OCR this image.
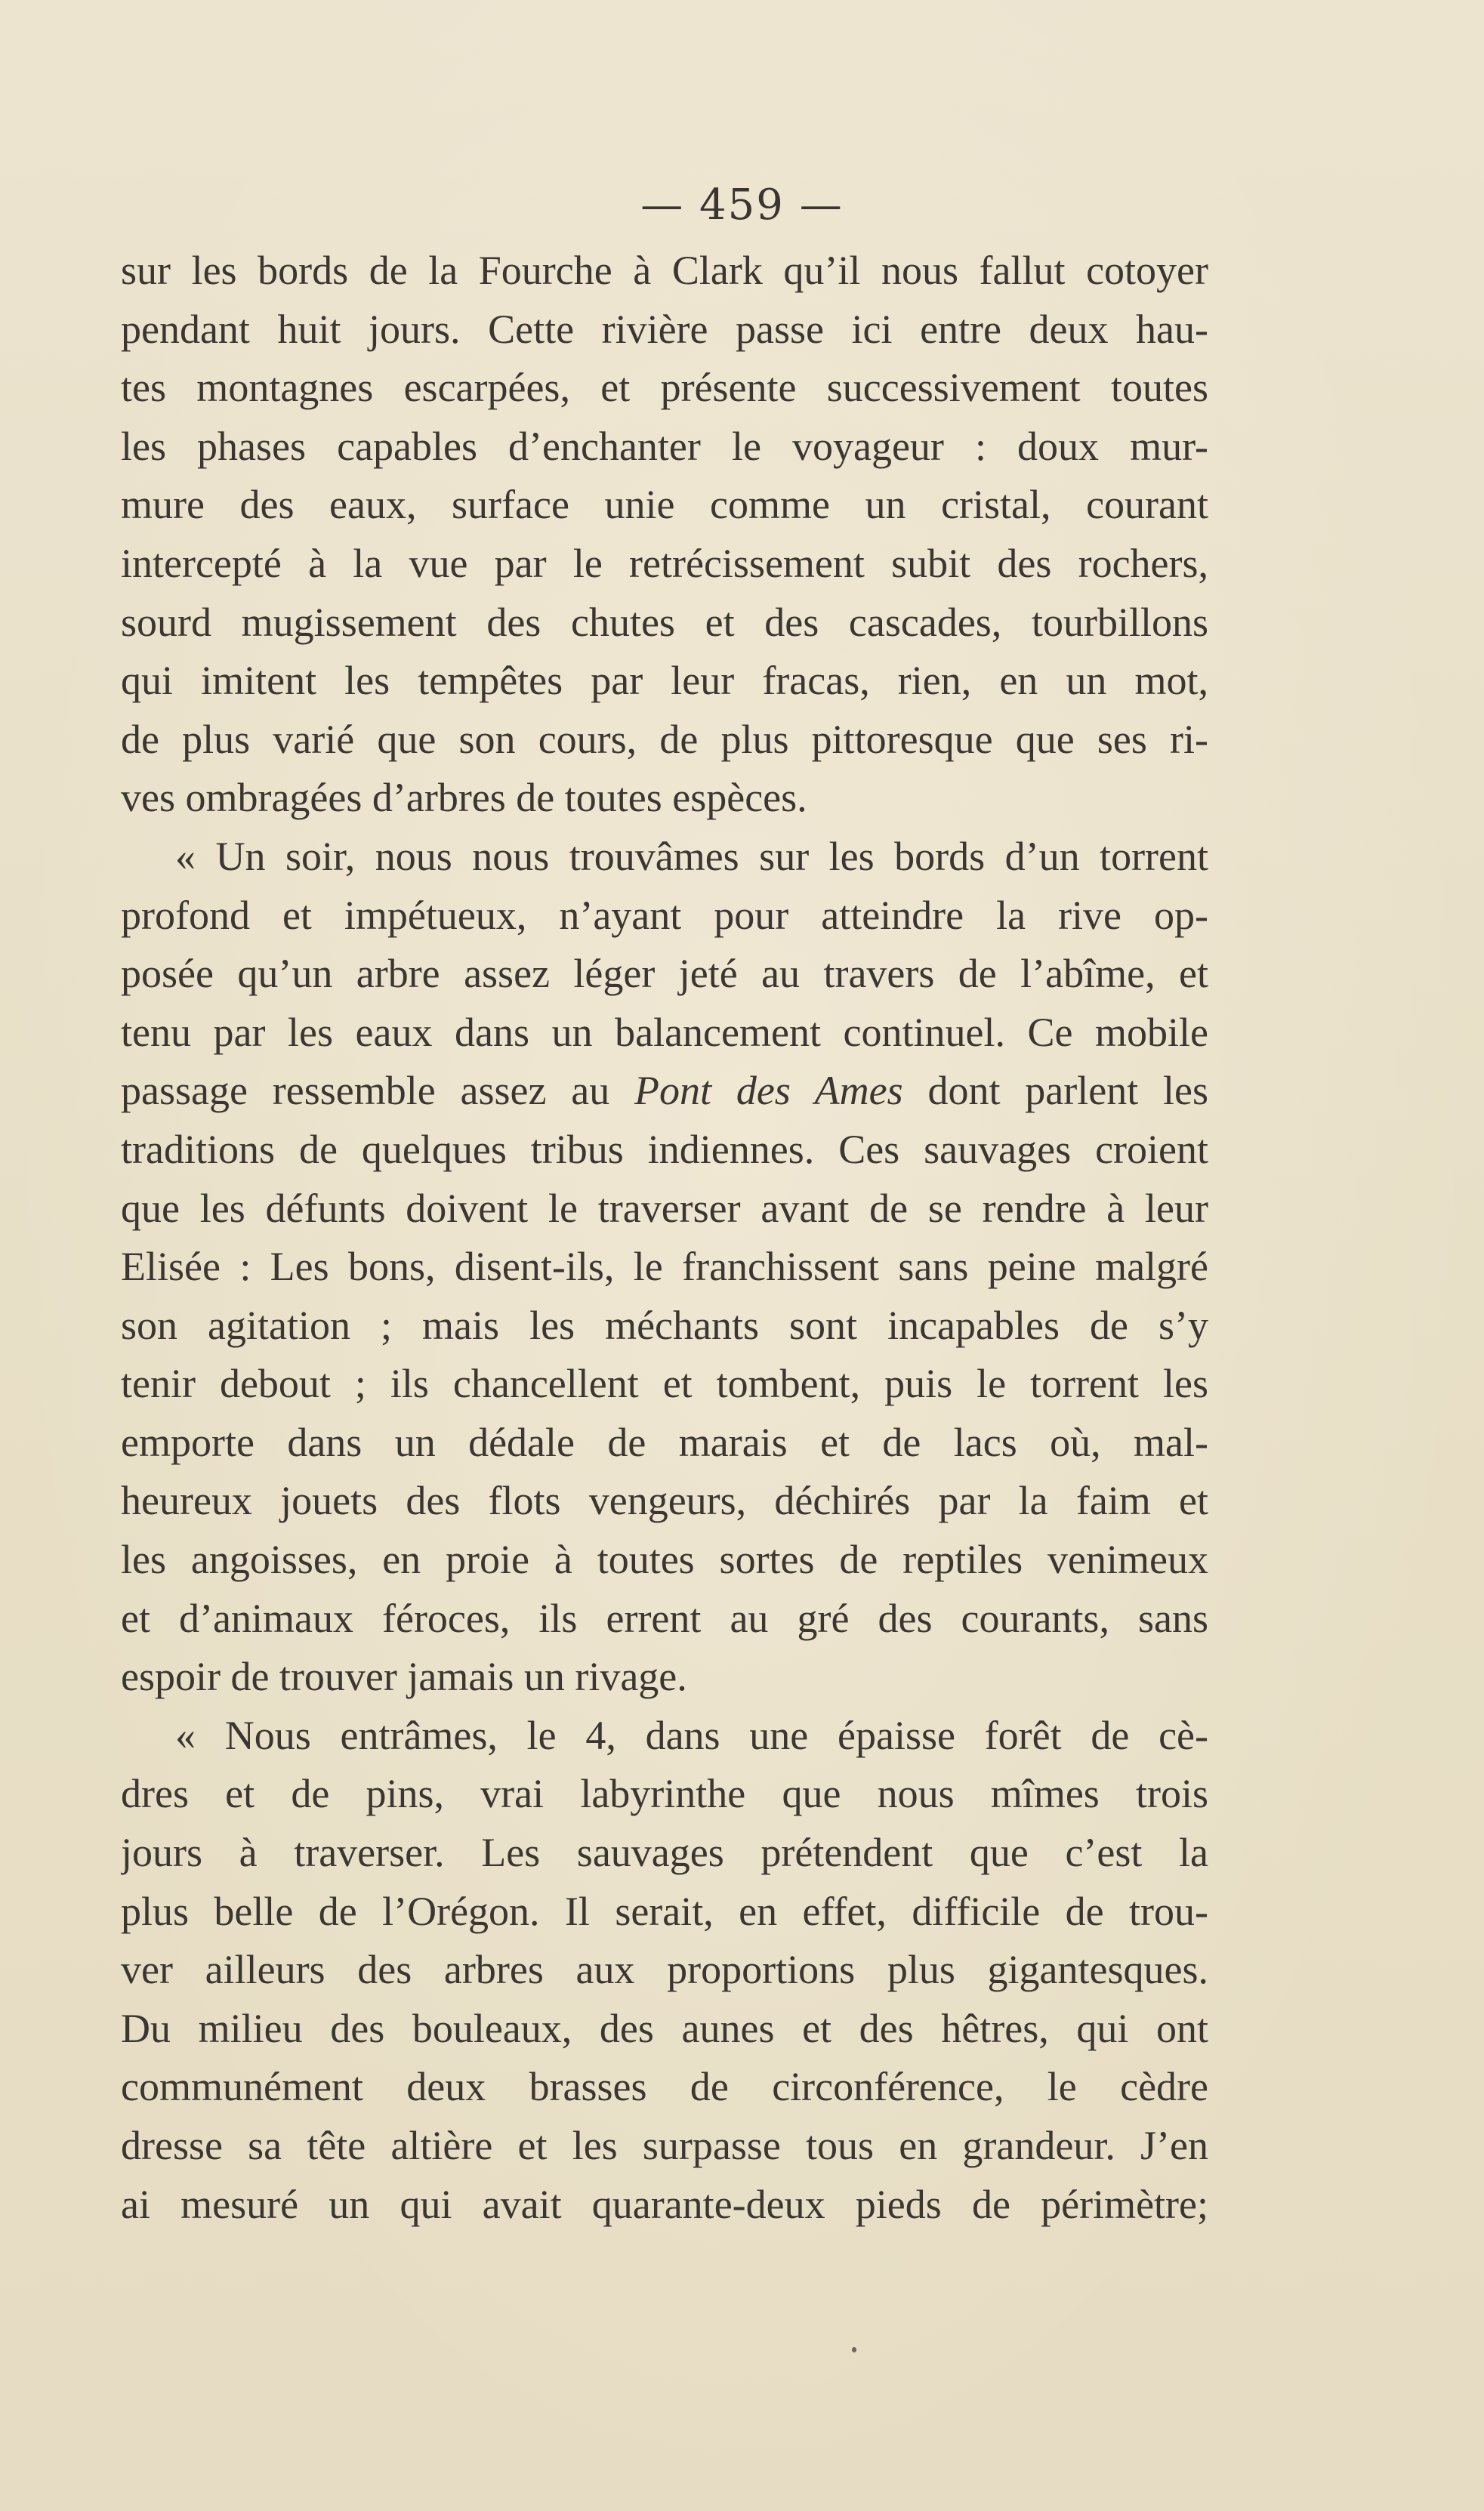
— 459 —
sur les bords de la Fourche à Clark qu’il nous fallut cotoyer
pendant huit jours. Cette rivière passe ici entre deux hau-
tes montagnes escarpées, et présente successivement toutes
les phases capables d’enchanter le voyageur : doux mur-
mure des eaux, surface unie comme un cristal, courant
intercepté à la vue par le retrécissement subit des rochers,
sourd mugissement des chutes et des cascades, tourbillons
qui imitent les tempêtes par leur fracas, rien, en un mot,
de plus varié que son cours, de plus pittoresque que ses ri-
ves ombragées d’arbres de toutes espèces.
« Un soir, nous nous trouvâmes sur les bords d’un torrent
profond et impétueux, n’ayant pour atteindre la rive op-
posée qu’un arbre assez léger jeté au travers de l’abîme, et
tenu par les eaux dans un balancement continuel. Ce mobile
passage ressemble assez au Pont des Ames dont parlent les
traditions de quelques tribus indiennes. Ces sauvages croient
que les défunts doivent le traverser avant de se rendre à leur
Elisée : Les bons, disent-ils, le franchissent sans peine malgré
son agitation ; mais les méchants sont incapables de s’y
tenir debout ; ils chancellent et tombent, puis le torrent les
emporte dans un dédale de marais et de lacs où, mal-
heureux jouets des flots vengeurs, déchirés par la faim et
les angoisses, en proie à toutes sortes de reptiles venimeux
et d’animaux féroces, ils errent au gré des courants, sans
espoir de trouver jamais un rivage.
« Nous entrâmes, le 4, dans une épaisse forêt de cè-
dres et de pins, vrai labyrinthe que nous mîmes trois
jours à traverser. Les sauvages prétendent que c’est la
plus belle de l’Orégon. Il serait, en effet, difficile de trou-
ver ailleurs des arbres aux proportions plus gigantesques.
Du milieu des bouleaux, des aunes et des hêtres, qui ont
communément deux brasses de circonférence, le cèdre
dresse sa tête altière et les surpasse tous en grandeur. J’en
ai mesuré un qui avait quarante-deux pieds de périmètre;
